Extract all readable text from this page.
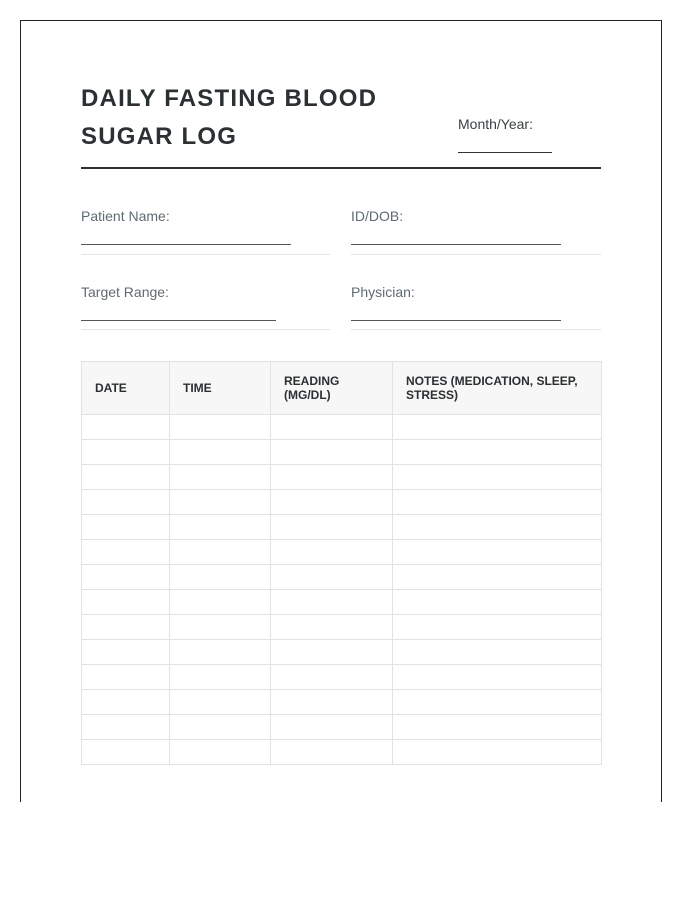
DAILY FASTING BLOOD
SUGAR LOG	Month/Year:
Patient Name:	ID/DOB:
Target Range:	Physician:
DATE	TIME	READING (MG/DL)	NOTES (MEDICATION, SLEEP, STRESS)
